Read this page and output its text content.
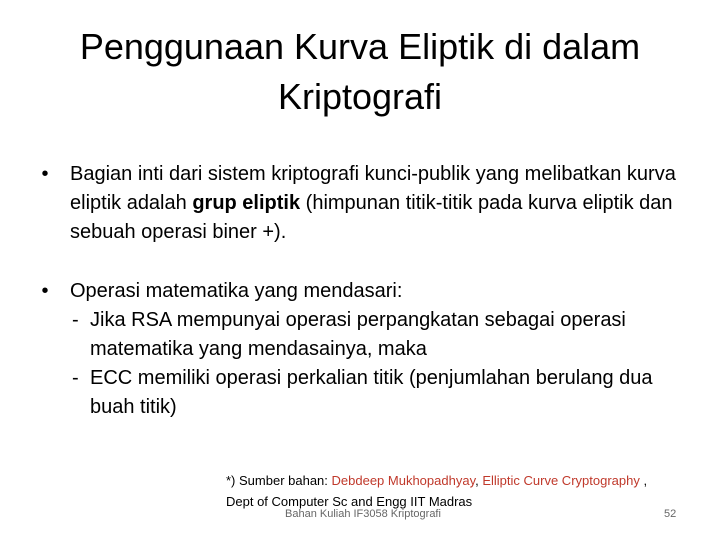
Penggunaan Kurva Eliptik di dalam
Kriptografi
•	Bagian inti dari sistem kriptografi kunci-publik yang melibatkan kurva eliptik adalah grup eliptik (himpunan titik-titik pada kurva eliptik dan sebuah operasi biner +).
•	Operasi matematika yang mendasari:
- Jika RSA mempunyai operasi perpangkatan sebagai operasi matematika yang mendasainya, maka
- ECC memiliki operasi perkalian titik (penjumlahan berulang dua buah titik)
*) Sumber bahan: Debdeep Mukhopadhyay, Elliptic Curve Cryptography ,
Dept of Computer Sc and Engg IIT Madras
Bahan Kuliah IF3058 Kriptografi	52
